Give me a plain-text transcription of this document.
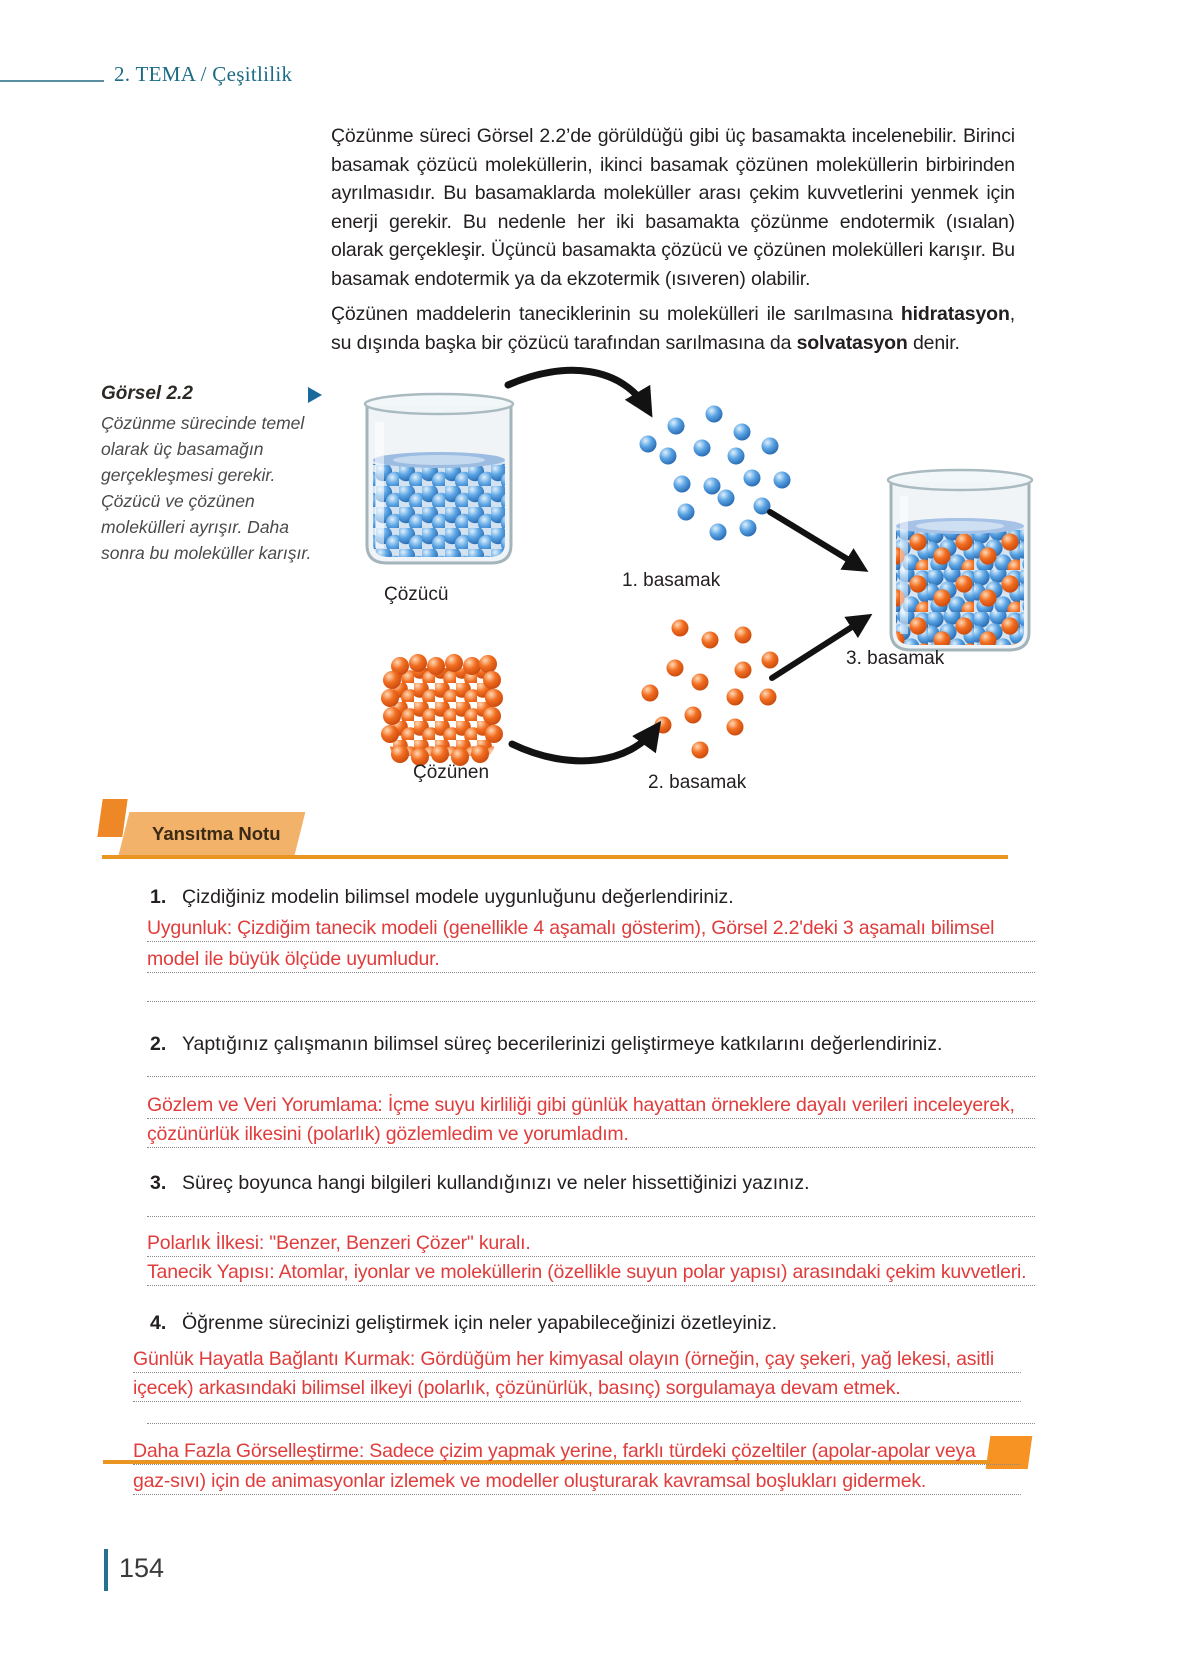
2. TEMA / Çeşitlilik

Çözünme süreci Görsel 2.2’de görüldüğü gibi üç basamakta incelenebilir. Birinci basamak çözücü moleküllerin, ikinci basamak çözünen moleküllerin birbirinden ayrılmasıdır. Bu basamaklarda moleküller arası çekim kuvvetlerini yenmek için enerji gerekir. Bu nedenle her iki basamakta çözünme endotermik (ısıalan) olarak gerçekleşir. Üçüncü basamakta çözücü ve çözünen molekülleri karışır. Bu basamak endotermik ya da ekzotermik (ısıveren) olabilir.

Çözünen maddelerin taneciklerinin su molekülleri ile sarılmasına hidratasyon, su dışında başka bir çözücü tarafından sarılmasına da solvatasyon denir.

Görsel 2.2
Çözünme sürecinde temel olarak üç basamağın gerçekleşmesi gerekir. Çözücü ve çözünen molekülleri ayrışır. Daha sonra bu moleküller karışır.
Çözücü
1. basamak
Çözünen	2. basamak
3. basamak
Yansıtma Notu
1. Çizdiğiniz modelin bilimsel modele uygunluğunu değerlendiriniz.
Uygunluk: Çizdiğim tanecik modeli (genellikle 4 aşamalı gösterim), Görsel 2.2'deki 3 aşamalı bilimsel
model ile büyük ölçüde uyumludur.
2. Yaptığınız çalışmanın bilimsel süreç becerilerinizi geliştirmeye katkılarını değerlendiriniz.
Gözlem ve Veri Yorumlama: İçme suyu kirliliği gibi günlük hayattan örneklere dayalı verileri inceleyerek,
çözünürlük ilkesini (polarlık) gözlemledim ve yorumladım.
3. Süreç boyunca hangi bilgileri kullandığınızı ve neler hissettiğinizi yazınız.
Polarlık İlkesi: "Benzer, Benzeri Çözer" kuralı.
Tanecik Yapısı: Atomlar, iyonlar ve moleküllerin (özellikle suyun polar yapısı) arasındaki çekim kuvvetleri.
4. Öğrenme sürecinizi geliştirmek için neler yapabileceğinizi özetleyiniz.
Günlük Hayatla Bağlantı Kurmak: Gördüğüm her kimyasal olayın (örneğin, çay şekeri, yağ lekesi, asitli
içecek) arkasındaki bilimsel ilkeyi (polarlık, çözünürlük, basınç) sorgulamaya devam etmek.
Daha Fazla Görselleştirme: Sadece çizim yapmak yerine, farklı türdeki çözeltiler (apolar-apolar veya
gaz-sıvı) için de animasyonlar izlemek ve modeller oluşturarak kavramsal boşlukları gidermek.
154
